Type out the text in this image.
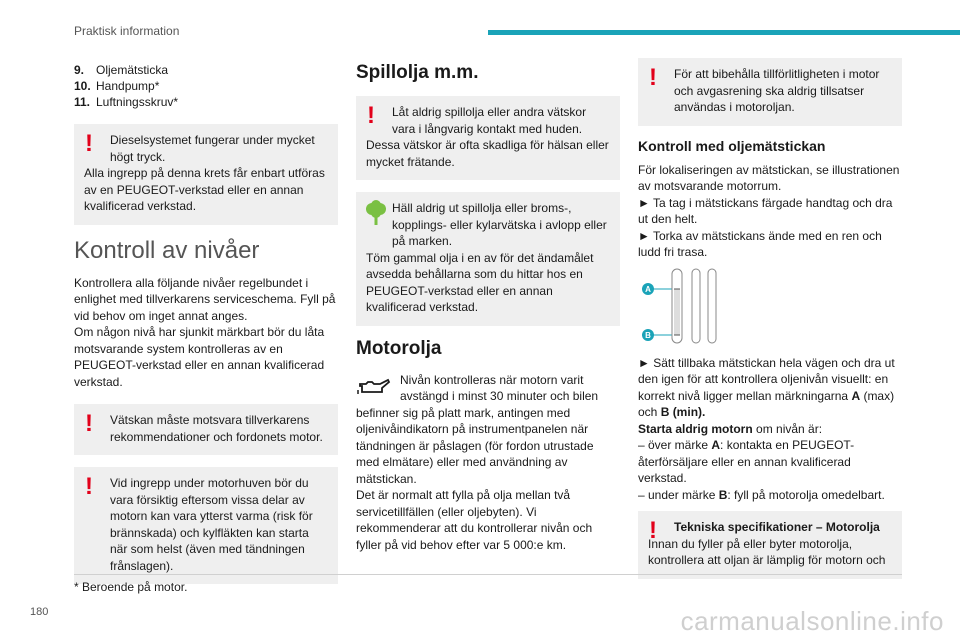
Praktisk information
9. Oljemätsticka
10. Handpump*
11. Luftningsskruv*
!	Dieselsystemet fungerar under mycket högt tryck.
Alla ingrepp på denna krets får enbart utföras av en PEUGEOT-verkstad eller en annan kvalificerad verkstad.
Kontroll av nivåer

Kontrollera alla följande nivåer regelbundet i enlighet med tillverkarens serviceschema. Fyll på vid behov om inget annat anges.

Om någon nivå har sjunkit märkbart bör du låta motsvarande system kontrolleras av en PEUGEOT-verkstad eller en annan kvalificerad verkstad.

!	Vätskan måste motsvara tillverkarens rekommendationer och fordonets motor.
!	Vid ingrepp under motorhuven bör du vara försiktig eftersom vissa delar av motorn kan vara ytterst varma (risk för brännskada) och kylfläkten kan starta när som helst (även med tändningen frånslagen).
Spillolja m.m.
!	Låt aldrig spillolja eller andra vätskor vara i långvarig kontakt med huden.
Dessa vätskor är ofta skadliga för hälsan eller mycket frätande.
Häll aldrig ut spillolja eller broms-, kopplings- eller kylarvätska i avlopp eller på marken.
Töm gammal olja i en av för det ändamålet avsedda behållarna som du hittar hos en PEUGEOT-verkstad eller en annan kvalificerad verkstad.
Motorolja

Nivån kontrolleras när motorn varit avstängd i minst 30 minuter och bilen befinner sig på platt mark, antingen med oljenivåindikatorn på instrumentpanelen när tändningen är påslagen (för fordon utrustade med elmätare) eller med användning av mätstickan.

Det är normalt att fylla på olja mellan två servicetillfällen (eller oljebyten). Vi rekommenderar att du kontrollerar nivån och fyller på vid behov efter var 5 000:e km.

!	För att bibehålla tillförlitligheten i motor och avgasrening ska aldrig tillsatser användas i motoroljan.
Kontroll med oljemätstickan

För lokaliseringen av mätstickan, se illustrationen av motsvarande motorrum.

► Ta tag i mätstickans färgade handtag och dra ut den helt.

► Torka av mätstickans ände med en ren och ludd fri trasa.

A
B

► Sätt tillbaka mätstickan hela vägen och dra ut den igen för att kontrollera oljenivån visuellt: en korrekt nivå ligger mellan märkningarna A (max) och B (min).

Starta aldrig motorn om nivån är:

– över märke A: kontakta en PEUGEOT-återförsäljare eller en annan kvalificerad verkstad.

– under märke B: fyll på motorolja omedelbart.

!	Tekniska specifikationer – Motorolja
Innan du fyller på eller byter motorolja, kontrollera att oljan är lämplig för motorn och
* Beroende på motor.
180	carmanualsonline.info
